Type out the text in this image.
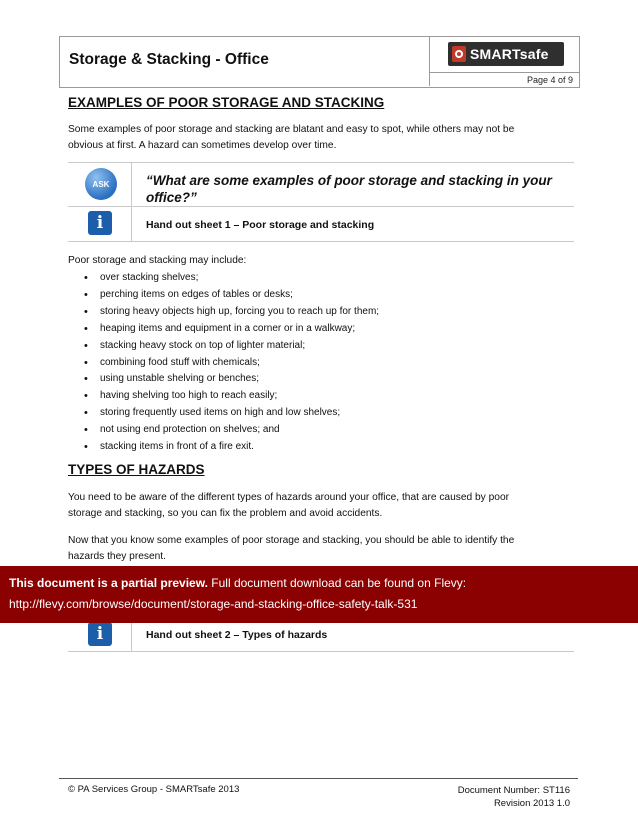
Storage & Stacking - Office	SMARTsafe
Page 4 of 9
EXAMPLES OF POOR STORAGE AND STACKING
Some examples of poor storage and stacking are blatant and easy to spot, while others may not be
obvious at first. A hazard can sometimes develop over time.
ASK	“What are some examples of poor storage and stacking in your
office?”
i	Hand out sheet 1 – Poor storage and stacking
Poor storage and stacking may include:
• over stacking shelves;
• perching items on edges of tables or desks;
• storing heavy objects high up, forcing you to reach up for them;
• heaping items and equipment in a corner or in a walkway;
• stacking heavy stock on top of lighter material;
• combining food stuff with chemicals;
• using unstable shelving or benches;
• having shelving too high to reach easily;
• storing frequently used items on high and low shelves;
• not using end protection on shelves; and
• stacking items in front of a fire exit.
TYPES OF HAZARDS
You need to be aware of the different types of hazards around your office, that are caused by poor
storage and stacking, so you can fix the problem and avoid accidents.
Now that you know some examples of poor storage and stacking, you should be able to identify the
hazards they present.
i	Hand out sheet 2 – Types of hazards
This document is a partial preview. Full document download can be found on Flevy:
http://flevy.com/browse/document/storage-and-stacking-office-safety-talk-531
© PA Services Group - SMARTsafe 2013	Document Number: ST116
Revision 2013 1.0
